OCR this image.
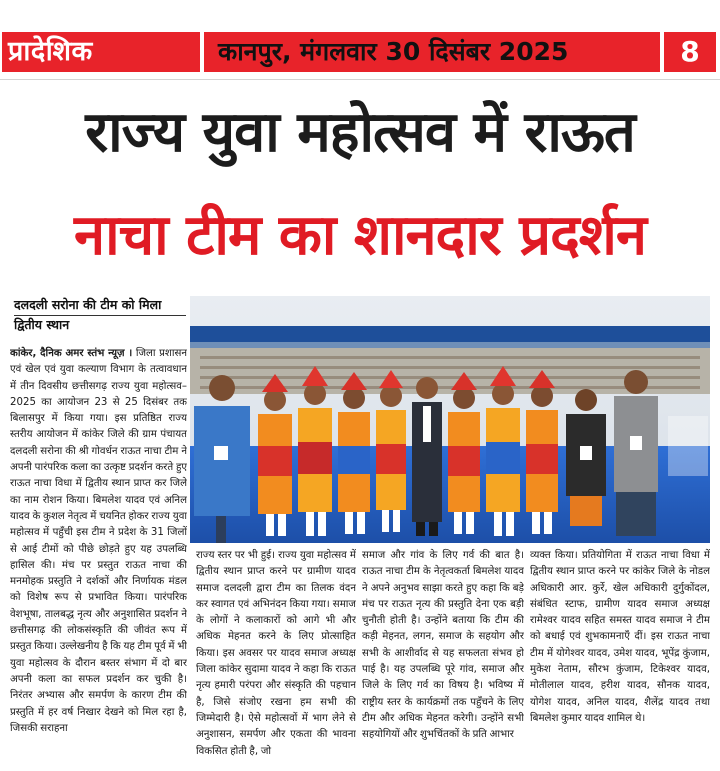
प्रादेशिक	कानपुर, मंगलवार 30 दिसंबर 2025	8
राज्य युवा महोत्सव में राऊत
नाचा टीम का शानदार प्रदर्शन
दलदली सरोना की टीम को मिला
द्वितीय स्थान
कांकेर, दैनिक अमर स्तंभ न्यूज़ । जिला प्रशासन एवं खेल एवं युवा कल्याण विभाग के तत्वावधान में तीन दिवसीय छत्तीसगढ़ राज्य युवा महोत्सव–2025 का आयोजन 23 से 25 दिसंबर तक बिलासपुर में किया गया। इस प्रतिष्ठित राज्य स्तरीय आयोजन में कांकेर जिले की ग्राम पंचायत दलदली सरोना की श्री गोवर्धन राऊत नाचा टीम ने अपनी पारंपरिक कला का उत्कृष्ट प्रदर्शन करते हुए राऊत नाचा विधा में द्वितीय स्थान प्राप्त कर जिले का नाम रोशन किया। बिमलेश यादव एवं अनिल यादव के कुशल नेतृत्व में चयनित होकर राज्य युवा महोत्सव में पहुँची इस टीम ने प्रदेश के 31 जिलों से आई टीमों को पीछे छोड़ते हुए यह उपलब्धि हासिल की। मंच पर प्रस्तुत राऊत नाचा की मनमोहक प्रस्तुति ने दर्शकों और निर्णायक मंडल को विशेष रूप से प्रभावित किया। पारंपरिक वेशभूषा, तालबद्ध नृत्य और अनुशासित प्रदर्शन ने छत्तीसगढ़ की लोकसंस्कृति की जीवंत रूप में प्रस्तुत किया। उल्लेखनीय है कि यह टीम पूर्व में भी युवा महोत्सव के दौरान बस्तर संभाग में दो बार अपनी कला का सफल प्रदर्शन कर चुकी है। निरंतर अभ्यास और समर्पण के कारण टीम की प्रस्तुति में हर वर्ष निखार देखने को मिल रहा है, जिसकी सराहना
राज्य स्तर पर भी हुई। राज्य युवा महोत्सव में द्वितीय स्थान प्राप्त करने पर ग्रामीण यादव समाज दलदली द्वारा टीम का तिलक वंदन कर स्वागत एवं अभिनंदन किया गया। समाज के लोगों ने कलाकारों को आगे भी और अधिक मेहनत करने के लिए प्रोत्साहित किया। इस अवसर पर यादव समाज अध्यक्ष जिला कांकेर सुदामा यादव ने कहा कि राऊत नृत्य हमारी परंपरा और संस्कृति की पहचान है, जिसे संजोए रखना हम सभी की जिम्मेदारी है। ऐसे महोत्सवों में भाग लेने से अनुशासन, समर्पण और एकता की भावना विकसित होती है, जो
समाज और गांव के लिए गर्व की बात है। राऊत नाचा टीम के नेतृत्वकर्ता बिमलेश यादव ने अपने अनुभव साझा करते हुए कहा कि बड़े मंच पर राऊत नृत्य की प्रस्तुति देना एक बड़ी चुनौती होती है। उन्होंने बताया कि टीम की कड़ी मेहनत, लगन, समाज के सहयोग और सभी के आशीर्वाद से यह सफलता संभव हो पाई है। यह उपलब्धि पूरे गांव, समाज और जिले के लिए गर्व का विषय है। भविष्य में राष्ट्रीय स्तर के कार्यक्रमों तक पहुँचने के लिए टीम और अधिक मेहनत करेगी। उन्होंने सभी सहयोगियों और शुभचिंतकों के प्रति आभार
व्यक्त किया। प्रतियोगिता में राऊत नाचा विधा में द्वितीय स्थान प्राप्त करने पर कांकेर जिले के नोडल अधिकारी आर. कुर्रे, खेल अधिकारी दुर्गुकोंदल, संबंधित स्टाफ, ग्रामीण यादव समाज अध्यक्ष रामेश्वर यादव सहित समस्त यादव समाज ने टीम को बधाई एवं शुभकामनाएँ दीं। इस राऊत नाचा टीम में योगेश्वर यादव, उमेश यादव, भूपेंद्र कुंजाम, मुकेश नेताम, सौरभ कुंजाम, टिकेश्वर यादव, मोतीलाल यादव, हरीश यादव, सौनक यादव, योगेश यादव, अनिल यादव, शैलेंद्र यादव तथा बिमलेश कुमार यादव शामिल थे।
